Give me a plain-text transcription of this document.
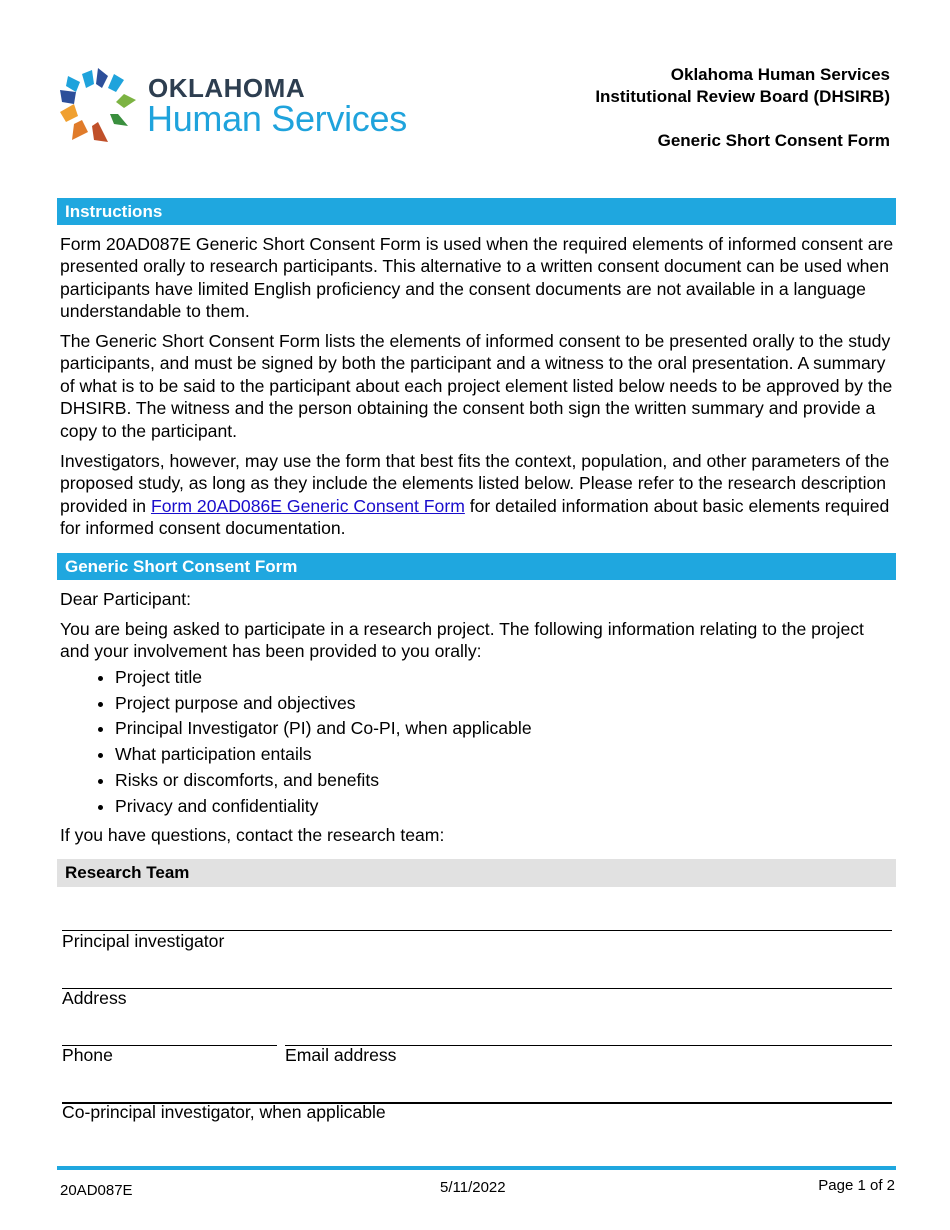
OKLAHOMA
Human Services
Oklahoma Human Services
Institutional Review Board (DHSIRB)
Generic Short Consent Form
Instructions

Form 20AD087E Generic Short Consent Form is used when the required elements of informed consent are presented orally to research participants. This alternative to a written consent document can be used when participants have limited English proficiency and the consent documents are not available in a language understandable to them.

The Generic Short Consent Form lists the elements of informed consent to be presented orally to the study participants, and must be signed by both the participant and a witness to the oral presentation. A summary of what is to be said to the participant about each project element listed below needs to be approved by the DHSIRB. The witness and the person obtaining the consent both sign the written summary and provide a copy to the participant.

Investigators, however, may use the form that best fits the context, population, and other parameters of the proposed study, as long as they include the elements listed below. Please refer to the research description provided in Form 20AD086E Generic Consent Form for detailed information about basic elements required for informed consent documentation.

Generic Short Consent Form

Dear Participant:

You are being asked to participate in a research project. The following information relating to the project and your involvement has been provided to you orally:

• Project title
• Project purpose and objectives
• Principal Investigator (PI) and Co-PI, when applicable
• What participation entails
• Risks or discomforts, and benefits
• Privacy and confidentiality

If you have questions, contact the research team:

Research Team
Principal investigator
Address
Phone	Email address
Co-principal investigator, when applicable
20AD087E	5/11/2022	Page 1 of 2
